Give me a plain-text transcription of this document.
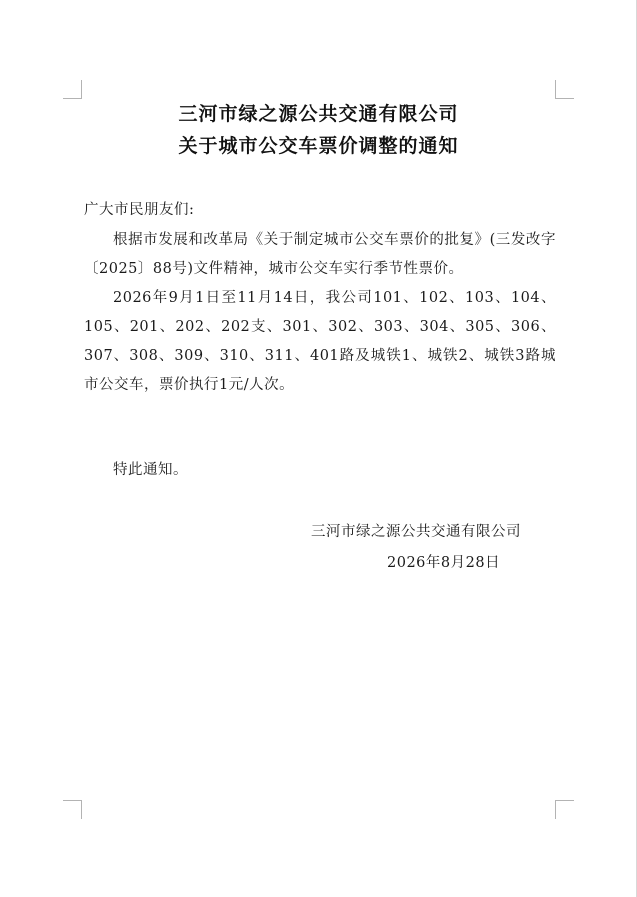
三河市绿之源公共交通有限公司
关于城市公交车票价调整的通知
广大市民朋友们:

根据市发展和改革局《关于制定城市公交车票价的批复》(三发改字〔2025〕88号)文件精神，城市公交车实行季节性票价。

2026年9月1日至11月14日，我公司101、102、103、104、105、201、202、202支、301、302、303、304、305、306、307、308、309、310、311、401路及城铁1、城铁2、城铁3路城市公交车，票价执行1元/人次。

特此通知。
三河市绿之源公共交通有限公司
2026年8月28日
